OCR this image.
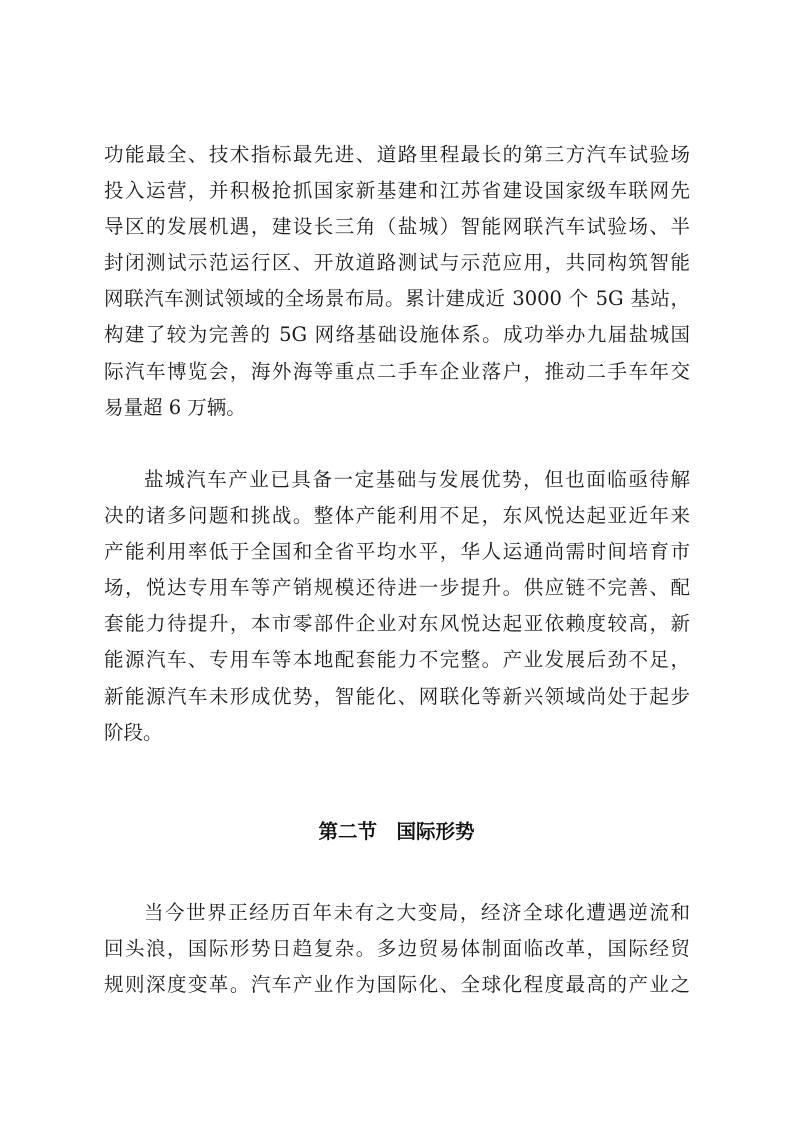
功能最全、技术指标最先进、道路里程最长的第三方汽车试验场
投入运营，并积极抢抓国家新基建和江苏省建设国家级车联网先
导区的发展机遇，建设长三角（盐城）智能网联汽车试验场、半
封闭测试示范运行区、开放道路测试与示范应用，共同构筑智能
网联汽车测试领域的全场景布局。累计建成近 3000 个 5G 基站，
构建了较为完善的 5G 网络基础设施体系。成功举办九届盐城国
际汽车博览会，海外海等重点二手车企业落户，推动二手车年交
易量超 6 万辆。
盐城汽车产业已具备一定基础与发展优势，但也面临亟待解
决的诸多问题和挑战。整体产能利用不足，东风悦达起亚近年来
产能利用率低于全国和全省平均水平，华人运通尚需时间培育市
场，悦达专用车等产销规模还待进一步提升。供应链不完善、配
套能力待提升，本市零部件企业对东风悦达起亚依赖度较高，新
能源汽车、专用车等本地配套能力不完整。产业发展后劲不足，
新能源汽车未形成优势，智能化、网联化等新兴领域尚处于起步
阶段。
第二节　国际形势
当今世界正经历百年未有之大变局，经济全球化遭遇逆流和
回头浪，国际形势日趋复杂。多边贸易体制面临改革，国际经贸
规则深度变革。汽车产业作为国际化、全球化程度最高的产业之
